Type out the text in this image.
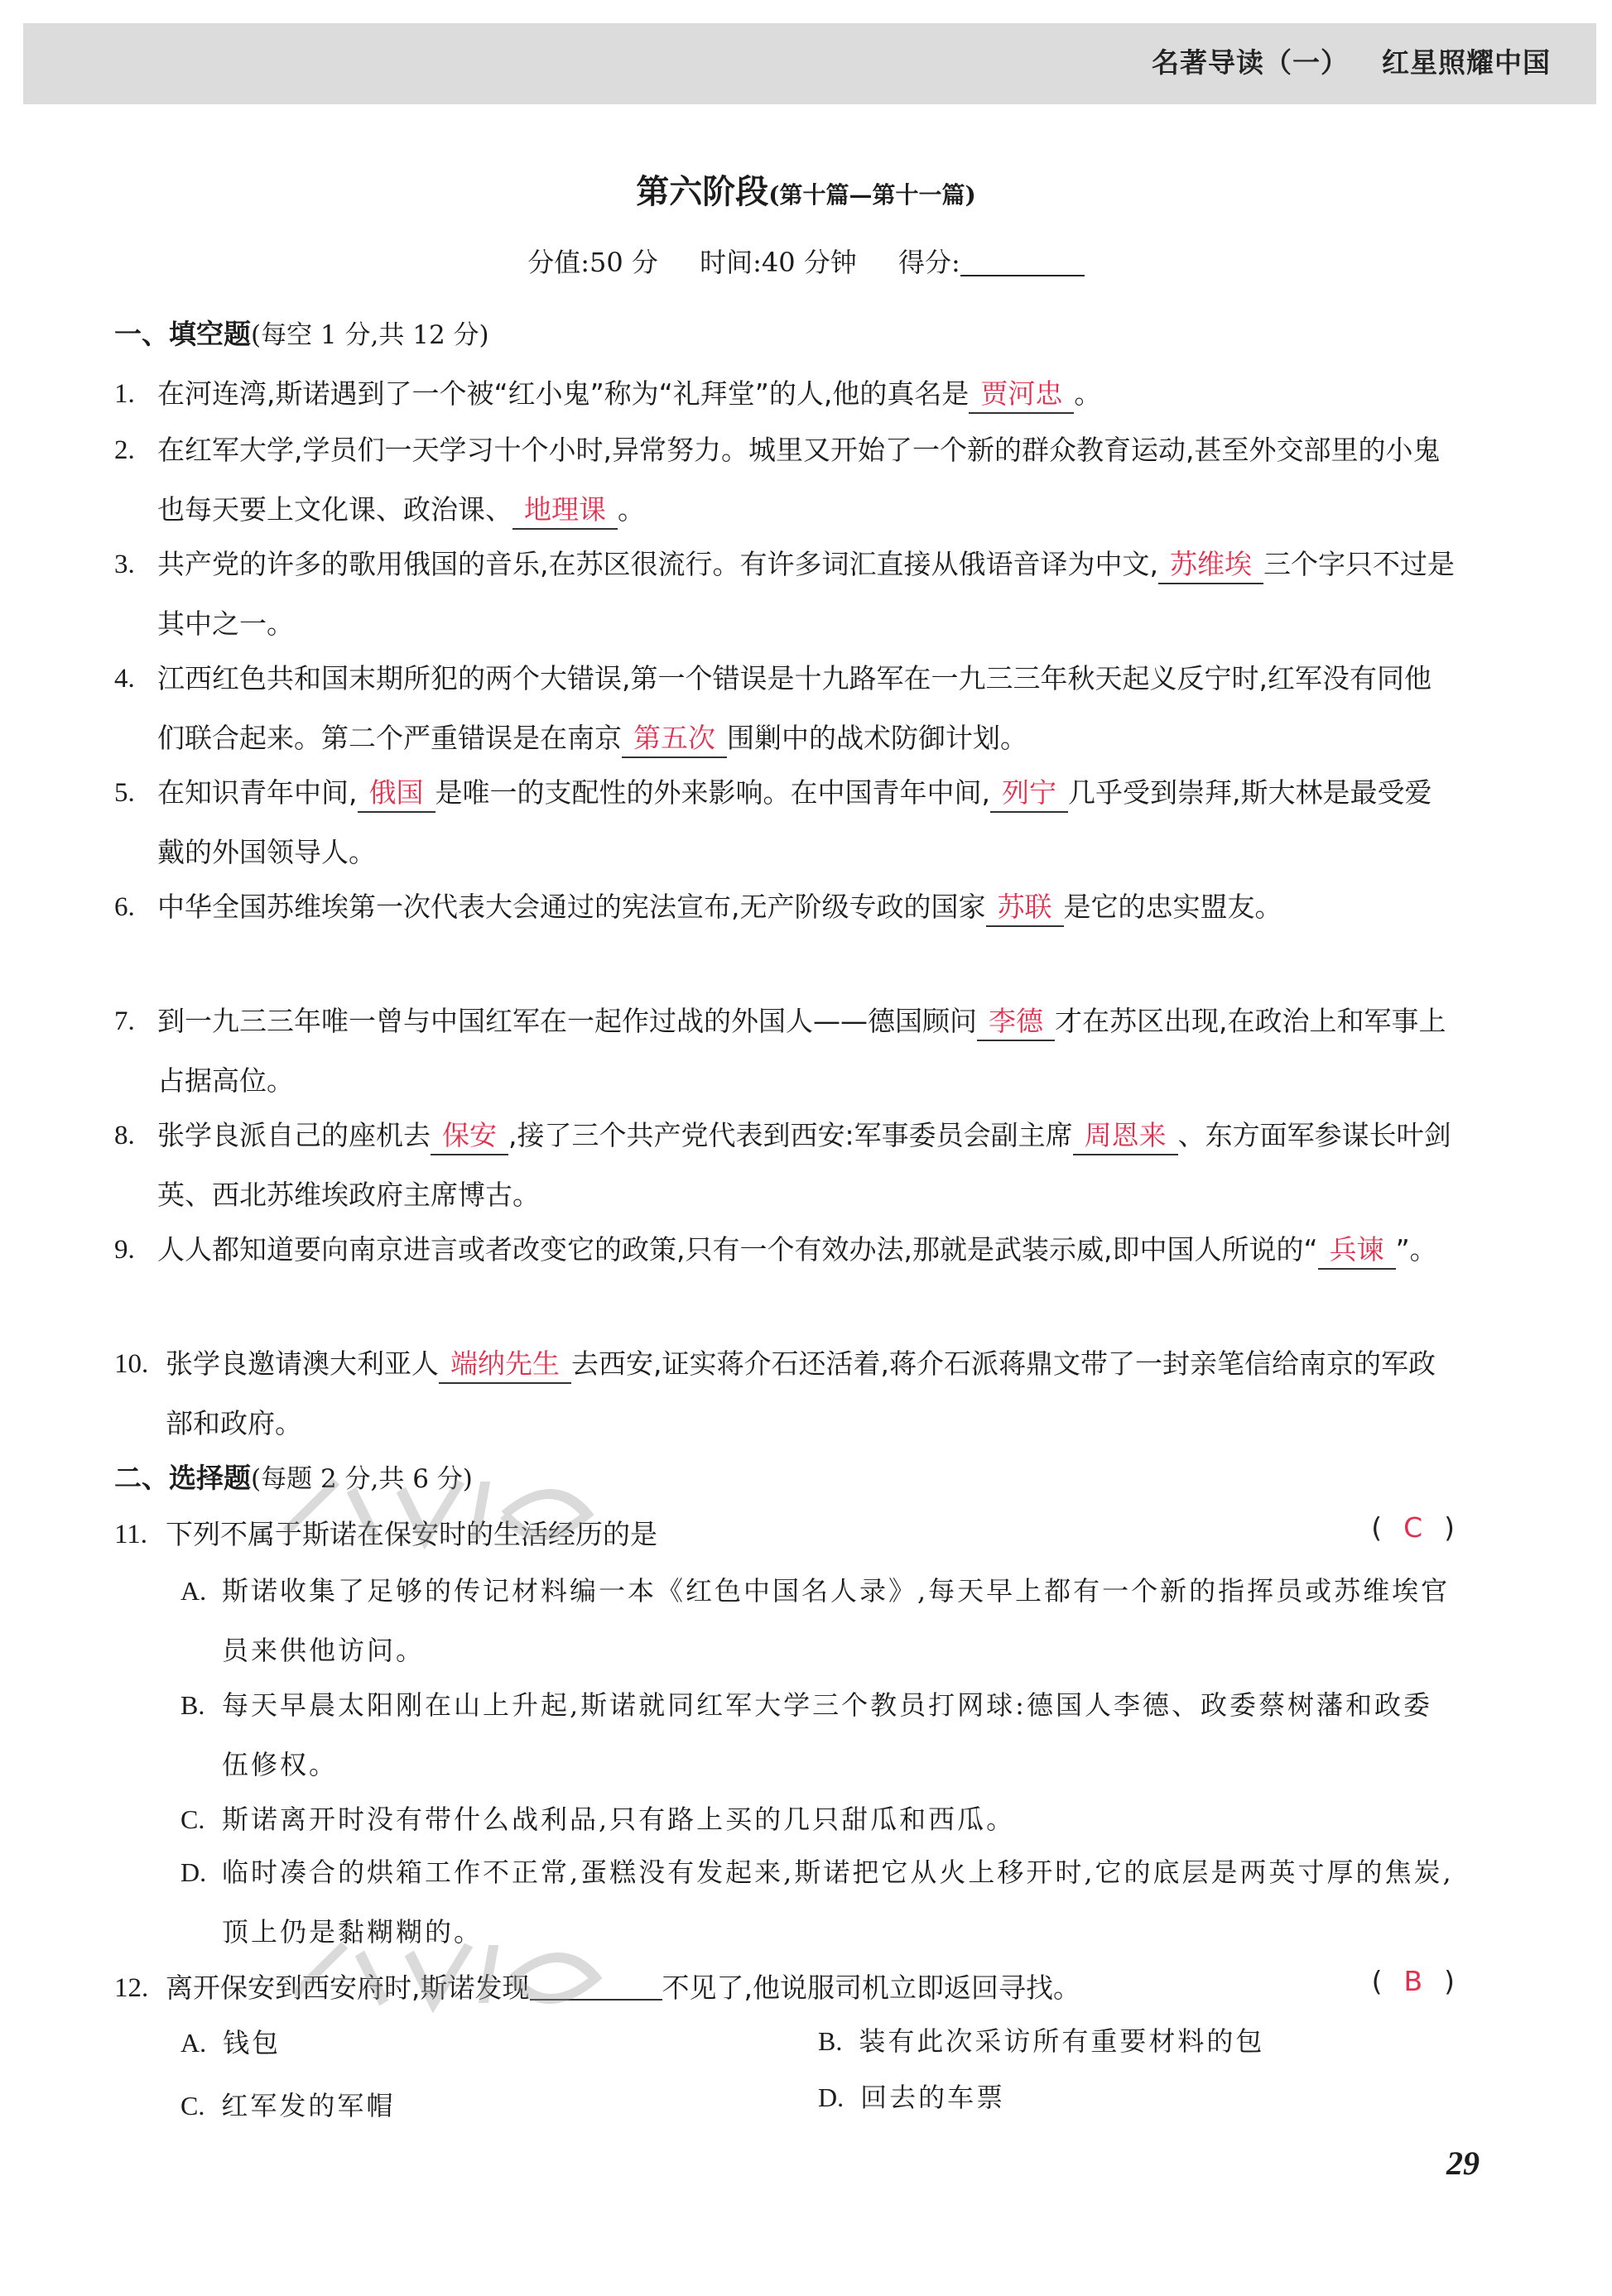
名著导读（一） 红星照耀中国
第六阶段(第十篇—第十一篇)
分值:50 分 时间:40 分钟 得分:
一、填空题(每空 1 分,共 12 分)
1. 在河连湾,斯诺遇到了一个被“红小鬼”称为“礼拜堂”的人,他的真名是 贾河忠 。
2. 在红军大学,学员们一天学习十个小时,异常努力。城里又开始了一个新的群众教育运动,甚至外交部里的小鬼也每天要上文化课、政治课、 地理课 。
3. 共产党的许多的歌用俄国的音乐,在苏区很流行。有许多词汇直接从俄语音译为中文, 苏维埃 三个字只不过是其中之一。
4. 江西红色共和国末期所犯的两个大错误,第一个错误是十九路军在一九三三年秋天起义反宁时,红军没有同他们联合起来。第二个严重错误是在南京 第五次 围剿中的战术防御计划。
5. 在知识青年中间, 俄国 是唯一的支配性的外来影响。在中国青年中间, 列宁 几乎受到崇拜,斯大林是最受爱戴的外国领导人。
6. 中华全国苏维埃第一次代表大会通过的宪法宣布,无产阶级专政的国家 苏联 是它的忠实盟友。
7. 到一九三三年唯一曾与中国红军在一起作过战的外国人——德国顾问 李德 才在苏区出现,在政治上和军事上占据高位。
8. 张学良派自己的座机去 保安 ,接了三个共产党代表到西安:军事委员会副主席 周恩来 、东方面军参谋长叶剑英、西北苏维埃政府主席博古。
9. 人人都知道要向南京进言或者改变它的政策,只有一个有效办法,那就是武装示威,即中国人所说的“ 兵谏 ”。
10. 张学良邀请澳大利亚人 端纳先生 去西安,证实蒋介石还活着,蒋介石派蒋鼎文带了一封亲笔信给南京的军政部和政府。
二、选择题(每题 2 分,共 6 分)
11. 下列不属于斯诺在保安时的生活经历的是	( C )
A. 斯诺收集了足够的传记材料编一本《红色中国名人录》,每天早上都有一个新的指挥员或苏维埃官员来供他访问。
B. 每天早晨太阳刚在山上升起,斯诺就同红军大学三个教员打网球:德国人李德、政委蔡树藩和政委伍修权。
C. 斯诺离开时没有带什么战利品,只有路上买的几只甜瓜和西瓜。
D. 临时凑合的烘箱工作不正常,蛋糕没有发起来,斯诺把它从火上移开时,它的底层是两英寸厚的焦炭,顶上仍是黏糊糊的。
12. 离开保安到西安府时,斯诺发现	不见了,他说服司机立即返回寻找。	( B )
A. 钱包	B. 装有此次采访所有重要材料的包
C. 红军发的军帽	D. 回去的车票
29
